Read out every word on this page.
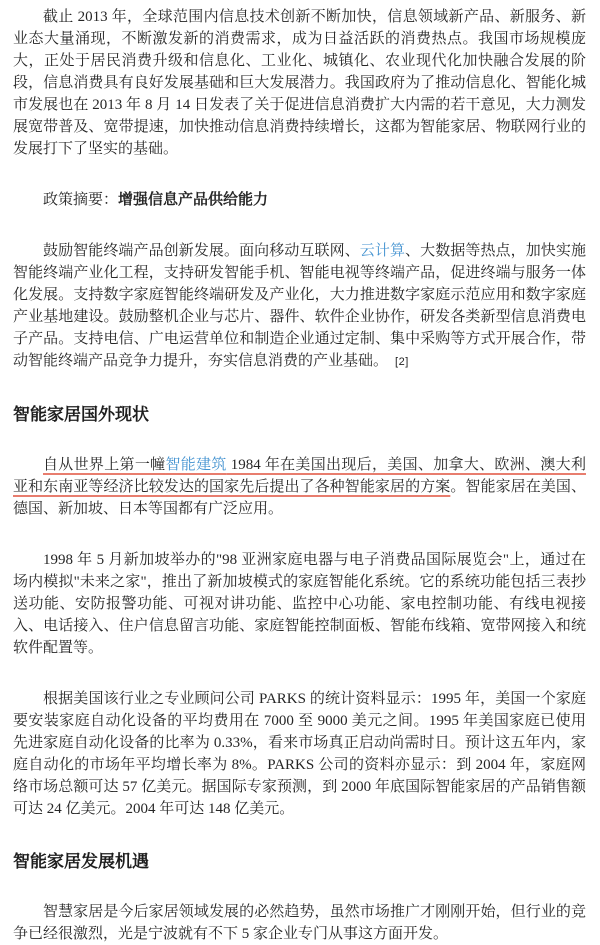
截止 2013 年，全球范围内信息技术创新不断加快，信息领域新产品、新服务、新业态大量涌现，不断激发新的消费需求，成为日益活跃的消费热点。我国市场规模庞大，正处于居民消费升级和信息化、工业化、城镇化、农业现代化加快融合发展的阶段，信息消费具有良好发展基础和巨大发展潜力。我国政府为了推动信息化、智能化城市发展也在 2013 年 8 月 14 日发表了关于促进信息消费扩大内需的若干意见，大力测发展宽带普及、宽带提速，加快推动信息消费持续增长，这都为智能家居、物联网行业的发展打下了坚实的基础。

政策摘要：增强信息产品供给能力

鼓励智能终端产品创新发展。面向移动互联网、云计算、大数据等热点，加快实施智能终端产业化工程，支持研发智能手机、智能电视等终端产品，促进终端与服务一体化发展。支持数字家庭智能终端研发及产业化，大力推进数字家庭示范应用和数字家庭产业基地建设。鼓励整机企业与芯片、器件、软件企业协作，研发各类新型信息消费电子产品。支持电信、广电运营单位和制造企业通过定制、集中采购等方式开展合作，带动智能终端产品竞争力提升，夯实信息消费的产业基础。 [2]

智能家居国外现状

自从世界上第一幢智能建筑 1984 年在美国出现后，美国、加拿大、欧洲、澳大利亚和东南亚等经济比较发达的国家先后提出了各种智能家居的方案。智能家居在美国、德国、新加坡、日本等国都有广泛应用。

1998 年 5 月新加坡举办的"98 亚洲家庭电器与电子消费品国际展览会"上，通过在场内模拟"未来之家"，推出了新加坡模式的家庭智能化系统。它的系统功能包括三表抄送功能、安防报警功能、可视对讲功能、监控中心功能、家电控制功能、有线电视接入、电话接入、住户信息留言功能、家庭智能控制面板、智能布线箱、宽带网接入和统软件配置等。

根据美国该行业之专业顾问公司 PARKS 的统计资料显示：1995 年，美国一个家庭要安装家庭自动化设备的平均费用在 7000 至 9000 美元之间。1995 年美国家庭已使用先进家庭自动化设备的比率为 0.33%，看来市场真正启动尚需时日。预计这五年内，家庭自动化的市场年平均增长率为 8%。PARKS 公司的资料亦显示：到 2004 年，家庭网络市场总额可达 57 亿美元。据国际专家预测，到 2000 年底国际智能家居的产品销售额可达 24 亿美元。2004 年可达 148 亿美元。

智能家居发展机遇

智慧家居是今后家居领域发展的必然趋势，虽然市场推广才刚刚开始，但行业的竞争已经很激烈，光是宁波就有不下 5 家企业专门从事这方面开发。
